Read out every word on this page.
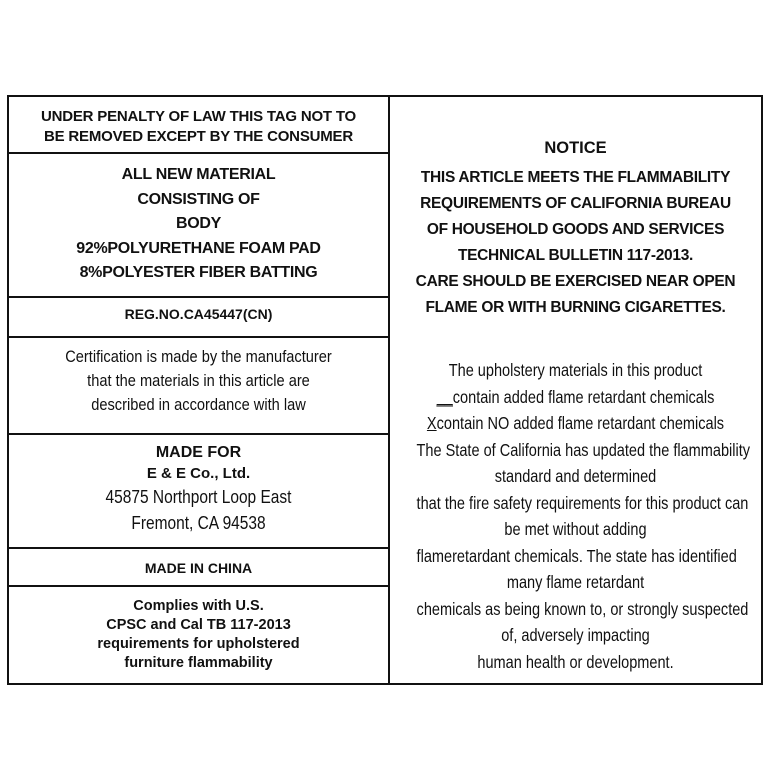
UNDER PENALTY OF LAW THIS TAG NOT TO
BE REMOVED EXCEPT BY THE CONSUMER
ALL NEW MATERIAL
CONSISTING OF
BODY
92%POLYURETHANE FOAM PAD
8%POLYESTER FIBER BATTING
REG.NO.CA45447(CN)
Certification is made by the manufacturer
that the materials in this article are
described in accordance with law
MADE FOR
E & E Co., Ltd.
45875 Northport Loop East
Fremont, CA 94538
MADE IN CHINA
Complies with U.S.
CPSC and Cal TB 117-2013
requirements for upholstered
furniture flammability
NOTICE
THIS ARTICLE MEETS THE FLAMMABILITY
REQUIREMENTS OF CALIFORNIA BUREAU
OF HOUSEHOLD GOODS AND SERVICES
TECHNICAL BULLETIN 117-2013.
CARE SHOULD BE EXERCISED NEAR OPEN
FLAME OR WITH BURNING CIGARETTES.
The upholstery materials in this product
__contain added flame retardant chemicals
Xcontain NO added flame retardant chemicals
The State of California has updated the flammability
standard and determined
that the fire safety requirements for this product can
be met without adding
flameretardant chemicals. The state has identified
many flame retardant
chemicals as being known to, or strongly suspected
of, adversely impacting
human health or development.
